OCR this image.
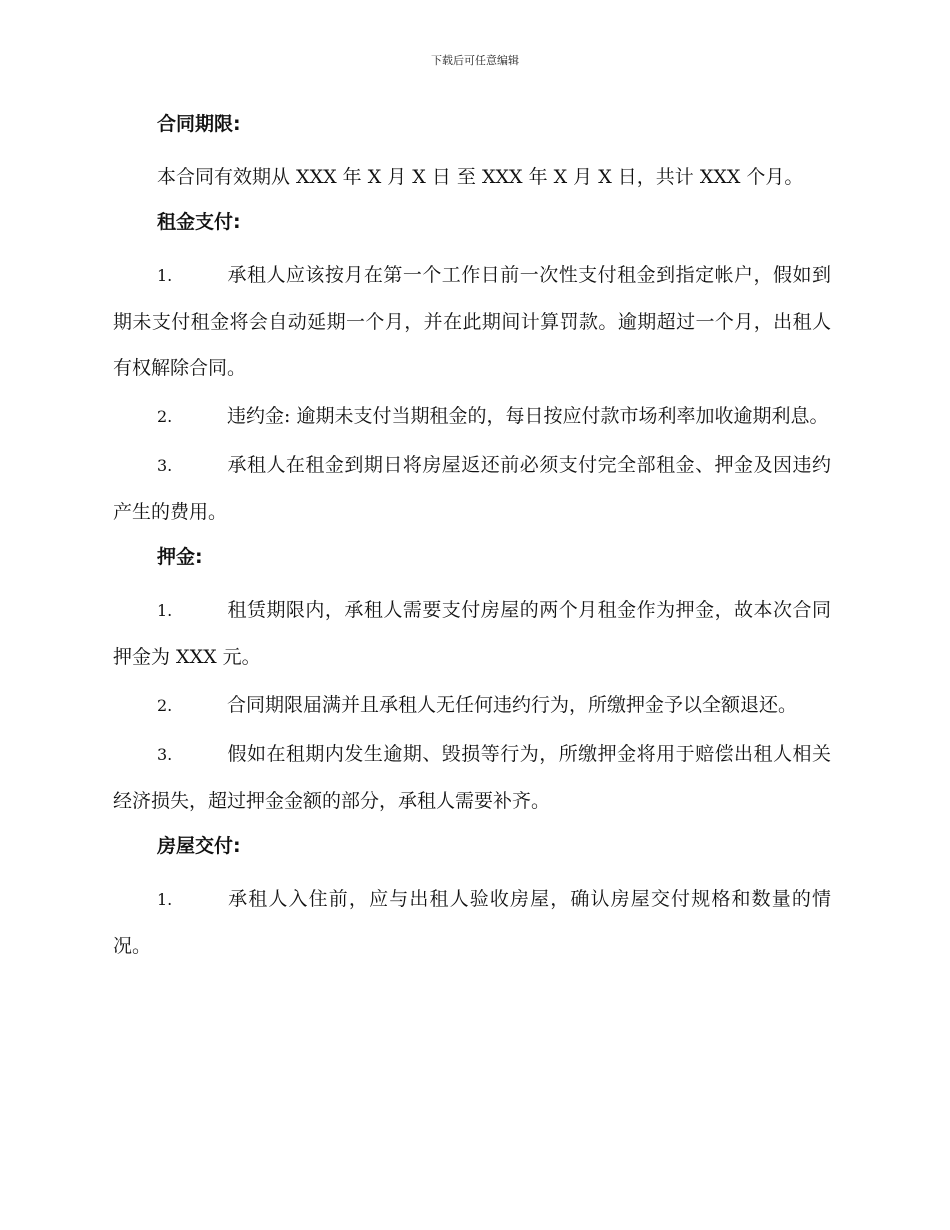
下载后可任意编辑
合同期限:
本合同有效期从 XXX 年 X 月 X 日 至 XXX 年 X 月 X 日，共计 XXX 个月。
租金支付:
1.	承租人应该按月在第一个工作日前一次性支付租金到指定帐户，假如到期未支付租金将会自动延期一个月，并在此期间计算罚款。逾期超过一个月，出租人有权解除合同。
2.	违约金: 逾期未支付当期租金的，每日按应付款市场利率加收逾期利息。
3.	承租人在租金到期日将房屋返还前必须支付完全部租金、押金及因违约产生的费用。
押金:
1.	租赁期限内，承租人需要支付房屋的两个月租金作为押金，故本次合同押金为 XXX 元。
2.	合同期限届满并且承租人无任何违约行为，所缴押金予以全额退还。
3.	假如在租期内发生逾期、毁损等行为，所缴押金将用于赔偿出租人相关经济损失，超过押金金额的部分，承租人需要补齐。
房屋交付:
1.	承租人入住前，应与出租人验收房屋，确认房屋交付规格和数量的情况。
